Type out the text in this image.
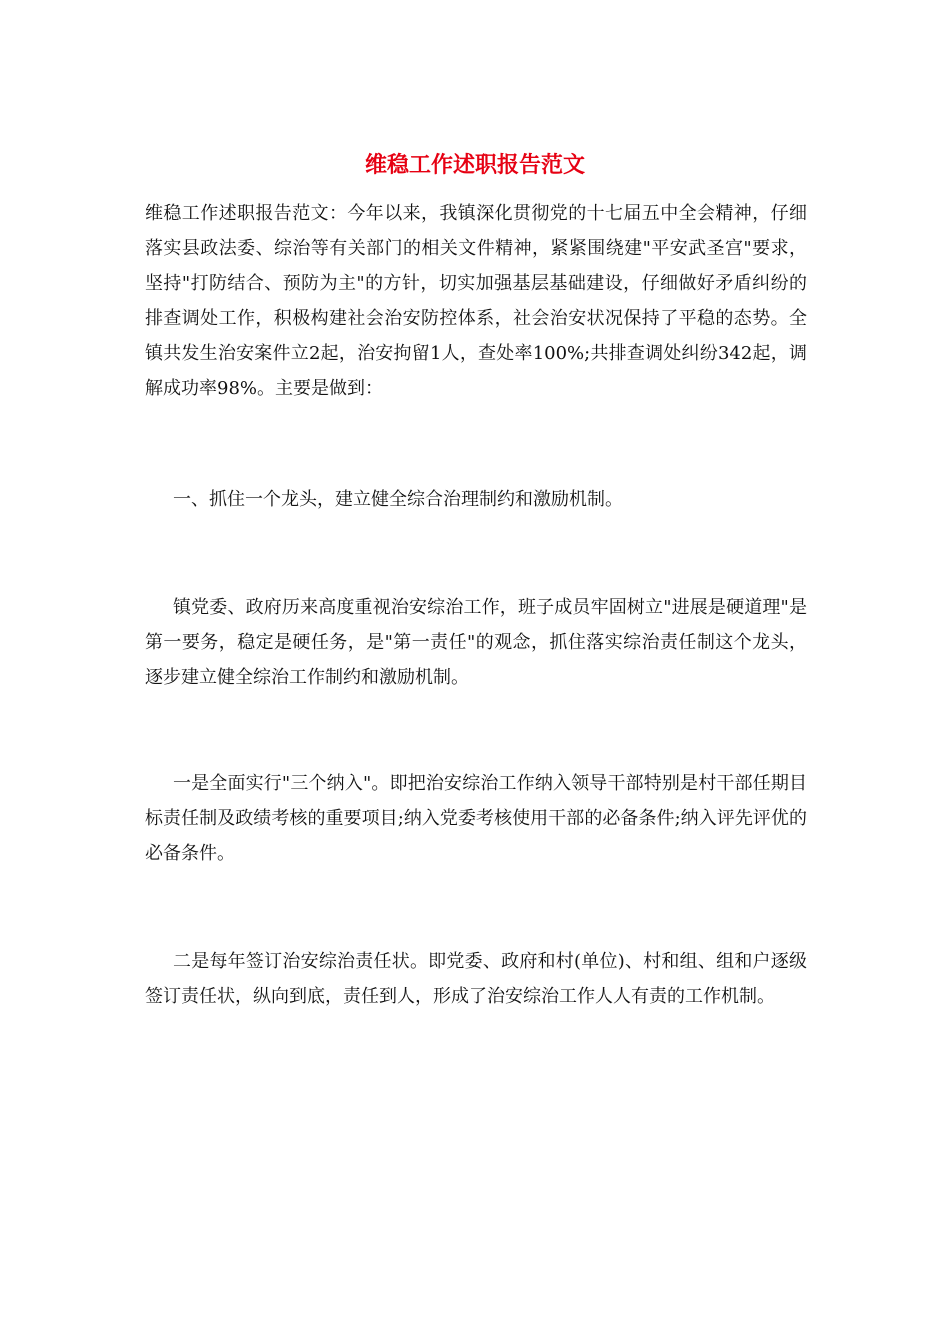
维稳工作述职报告范文

维稳工作述职报告范文：今年以来，我镇深化贯彻党的十七届五中全会精神，仔细落实县政法委、综治等有关部门的相关文件精神，紧紧围绕建"平安武圣宫"要求，坚持"打防结合、预防为主"的方针，切实加强基层基础建设，仔细做好矛盾纠纷的排查调处工作，积极构建社会治安防控体系，社会治安状况保持了平稳的态势。全镇共发生治安案件立2起，治安拘留1人，查处率100%;共排查调处纠纷342起，调解成功率98%。主要是做到：

一、抓住一个龙头，建立健全综合治理制约和激励机制。

镇党委、政府历来高度重视治安综治工作，班子成员牢固树立"进展是硬道理"是第一要务，稳定是硬任务，是"第一责任"的观念，抓住落实综治责任制这个龙头，逐步建立健全综治工作制约和激励机制。

一是全面实行"三个纳入"。即把治安综治工作纳入领导干部特别是村干部任期目标责任制及政绩考核的重要项目;纳入党委考核使用干部的必备条件;纳入评先评优的必备条件。

二是每年签订治安综治责任状。即党委、政府和村(单位)、村和组、组和户逐级签订责任状，纵向到底，责任到人，形成了治安综治工作人人有责的工作机制。
